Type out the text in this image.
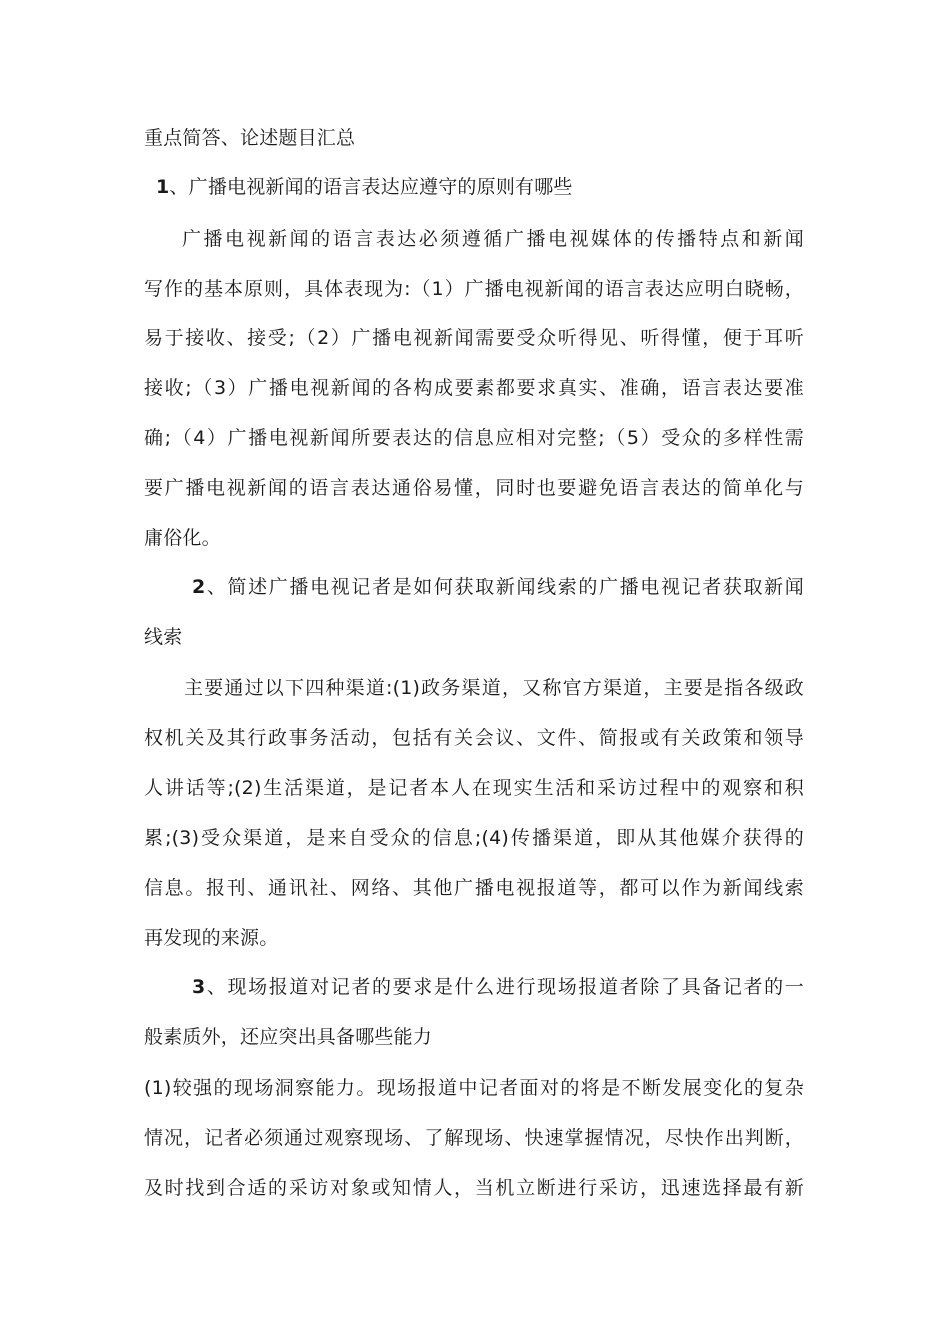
重点简答、论述题目汇总
1、广播电视新闻的语言表达应遵守的原则有哪些
广播电视新闻的语言表达必须遵循广播电视媒体的传播特点和新闻
写作的基本原则，具体表现为:（1）广播电视新闻的语言表达应明白晓畅，
易于接收、接受;（2）广播电视新闻需要受众听得见、听得懂，便于耳听
接收;（3）广播电视新闻的各构成要素都要求真实、准确，语言表达要准
确;（4）广播电视新闻所要表达的信息应相对完整;（5）受众的多样性需
要广播电视新闻的语言表达通俗易懂，同时也要避免语言表达的简单化与
庸俗化。
2、简述广播电视记者是如何获取新闻线索的广播电视记者获取新闻
线索
主要通过以下四种渠道:(1)政务渠道，又称官方渠道，主要是指各级政
权机关及其行政事务活动，包括有关会议、文件、简报或有关政策和领导
人讲话等;(2)生活渠道，是记者本人在现实生活和采访过程中的观察和积
累;(3)受众渠道，是来自受众的信息;(4)传播渠道，即从其他媒介获得的
信息。报刊、通讯社、网络、其他广播电视报道等，都可以作为新闻线索
再发现的来源。
3、现场报道对记者的要求是什么进行现场报道者除了具备记者的一
般素质外，还应突出具备哪些能力
(1)较强的现场洞察能力。现场报道中记者面对的将是不断发展变化的复杂
情况，记者必须通过观察现场、了解现场、快速掌握情况，尽快作出判断，
及时找到合适的采访对象或知情人，当机立断进行采访，迅速选择最有新
